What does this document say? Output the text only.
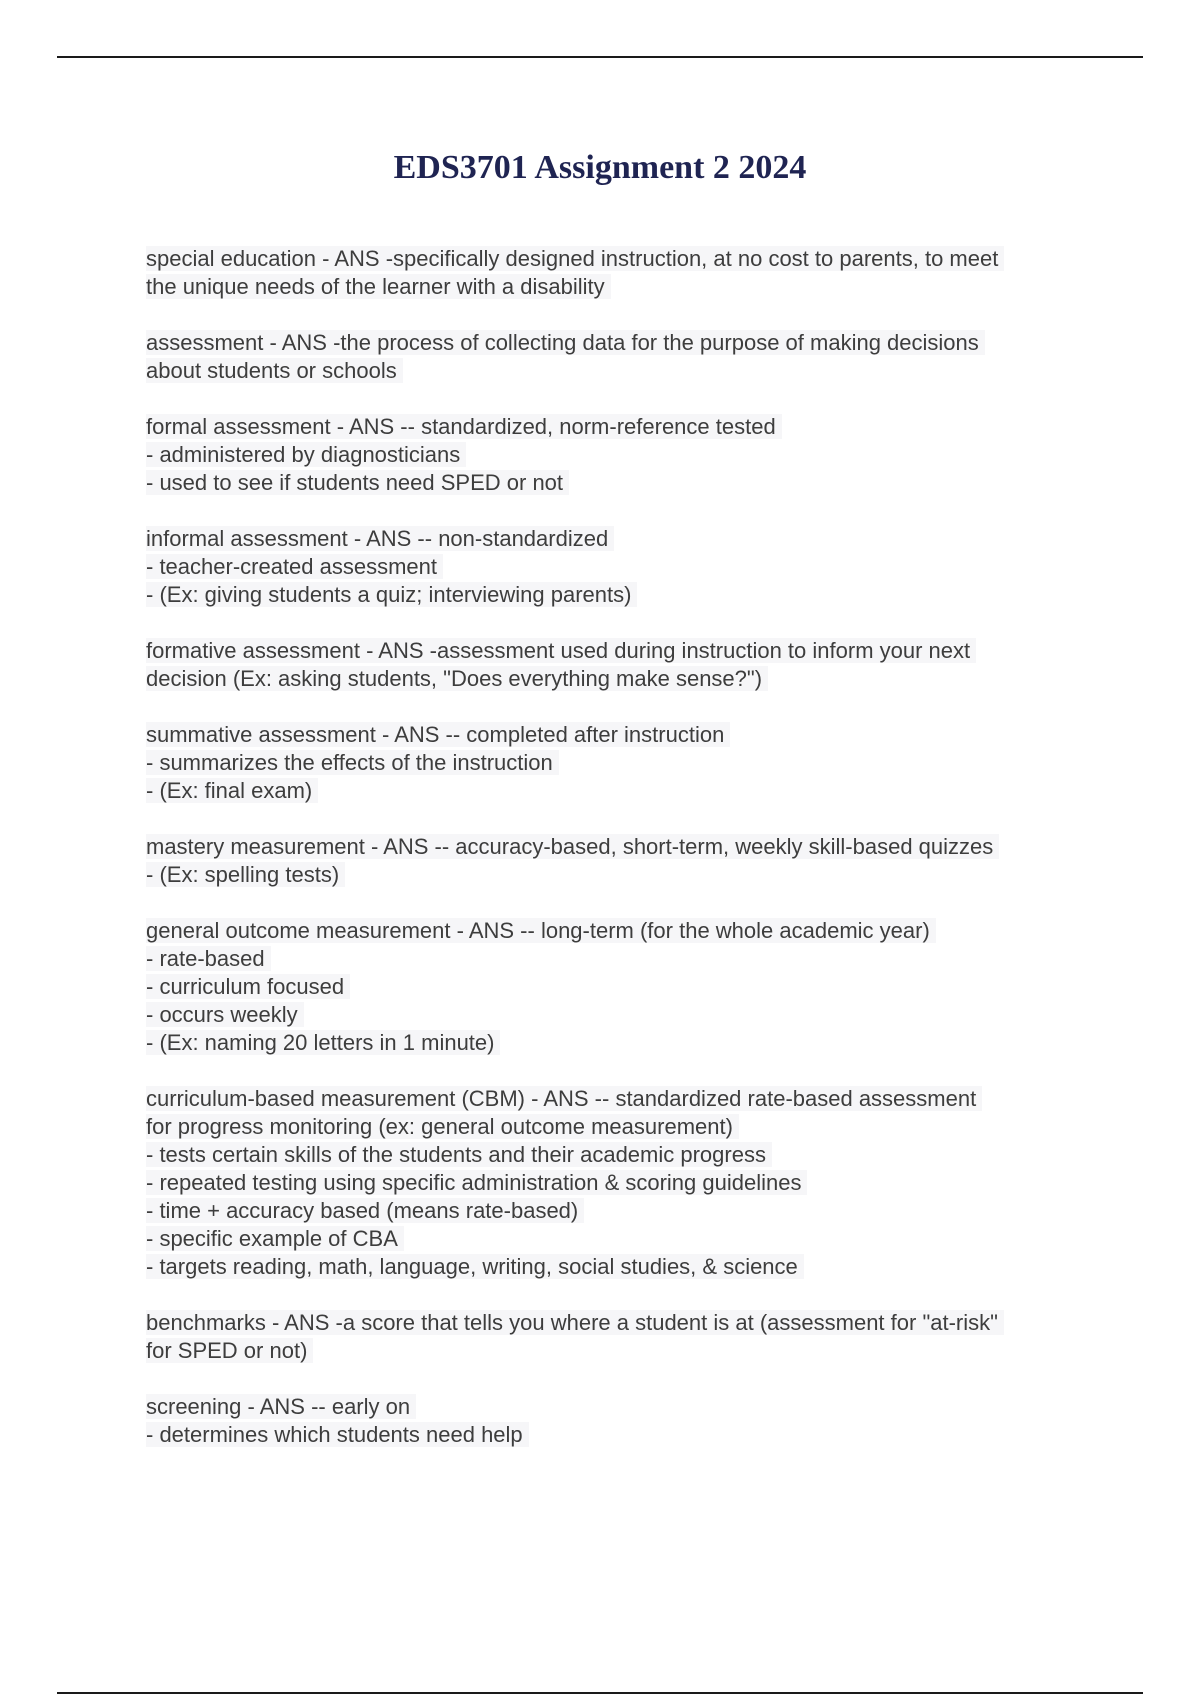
EDS3701 Assignment 2 2024
special education - ANS -specifically designed instruction, at no cost to parents, to meet
the unique needs of the learner with a disability
assessment - ANS -the process of collecting data for the purpose of making decisions
about students or schools
formal assessment - ANS -- standardized, norm-reference tested
- administered by diagnosticians
- used to see if students need SPED or not
informal assessment - ANS -- non-standardized
- teacher-created assessment
- (Ex: giving students a quiz; interviewing parents)
formative assessment - ANS -assessment used during instruction to inform your next
decision (Ex: asking students, "Does everything make sense?")
summative assessment - ANS -- completed after instruction
- summarizes the effects of the instruction
- (Ex: final exam)
mastery measurement - ANS -- accuracy-based, short-term, weekly skill-based quizzes
- (Ex: spelling tests)
general outcome measurement - ANS -- long-term (for the whole academic year)
- rate-based
- curriculum focused
- occurs weekly
- (Ex: naming 20 letters in 1 minute)
curriculum-based measurement (CBM) - ANS -- standardized rate-based assessment
for progress monitoring (ex: general outcome measurement)
- tests certain skills of the students and their academic progress
- repeated testing using specific administration & scoring guidelines
- time + accuracy based (means rate-based)
- specific example of CBA
- targets reading, math, language, writing, social studies, & science
benchmarks - ANS -a score that tells you where a student is at (assessment for "at-risk"
for SPED or not)
screening - ANS -- early on
- determines which students need help
